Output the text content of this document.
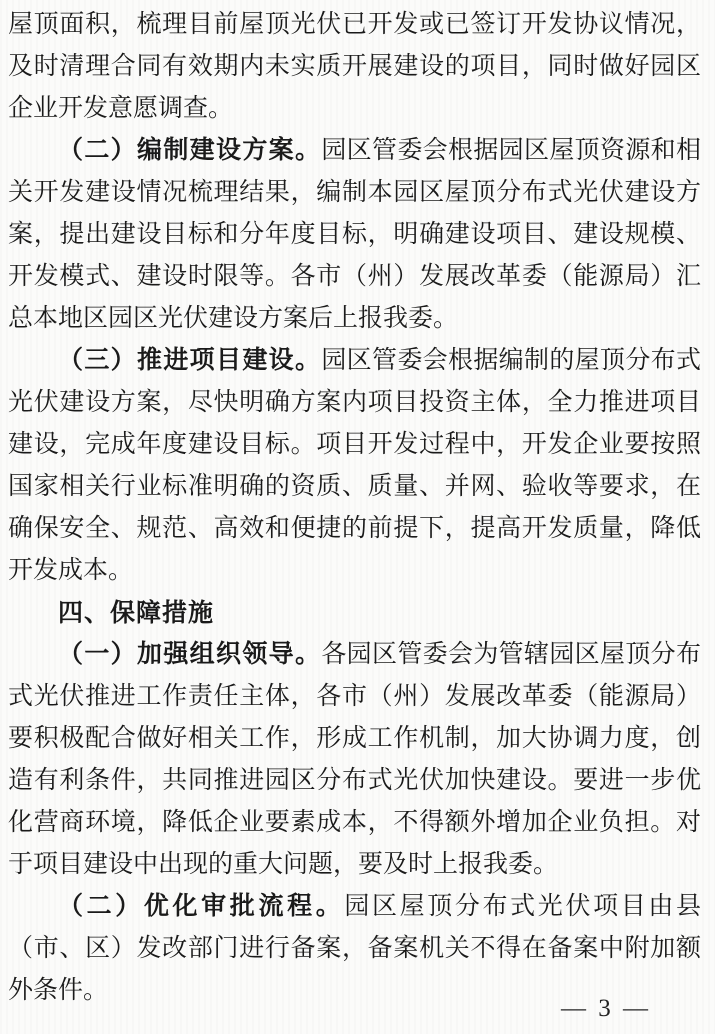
屋顶面积，梳理目前屋顶光伏已开发或已签订开发协议情况，及时清理合同有效期内未实质开展建设的项目，同时做好园区企业开发意愿调查。

（二）编制建设方案。园区管委会根据园区屋顶资源和相关开发建设情况梳理结果，编制本园区屋顶分布式光伏建设方案，提出建设目标和分年度目标，明确建设项目、建设规模、开发模式、建设时限等。各市（州）发展改革委（能源局）汇总本地区园区光伏建设方案后上报我委。

（三）推进项目建设。园区管委会根据编制的屋顶分布式光伏建设方案，尽快明确方案内项目投资主体，全力推进项目建设，完成年度建设目标。项目开发过程中，开发企业要按照国家相关行业标准明确的资质、质量、并网、验收等要求，在确保安全、规范、高效和便捷的前提下，提高开发质量，降低开发成本。

四、保障措施

（一）加强组织领导。各园区管委会为管辖园区屋顶分布式光伏推进工作责任主体，各市（州）发展改革委（能源局）要积极配合做好相关工作，形成工作机制，加大协调力度，创造有利条件，共同推进园区分布式光伏加快建设。要进一步优化营商环境，降低企业要素成本，不得额外增加企业负担。对于项目建设中出现的重大问题，要及时上报我委。

（二）优化审批流程。园区屋顶分布式光伏项目由县（市、区）发改部门进行备案，备案机关不得在备案中附加额外条件。

— 3 —
